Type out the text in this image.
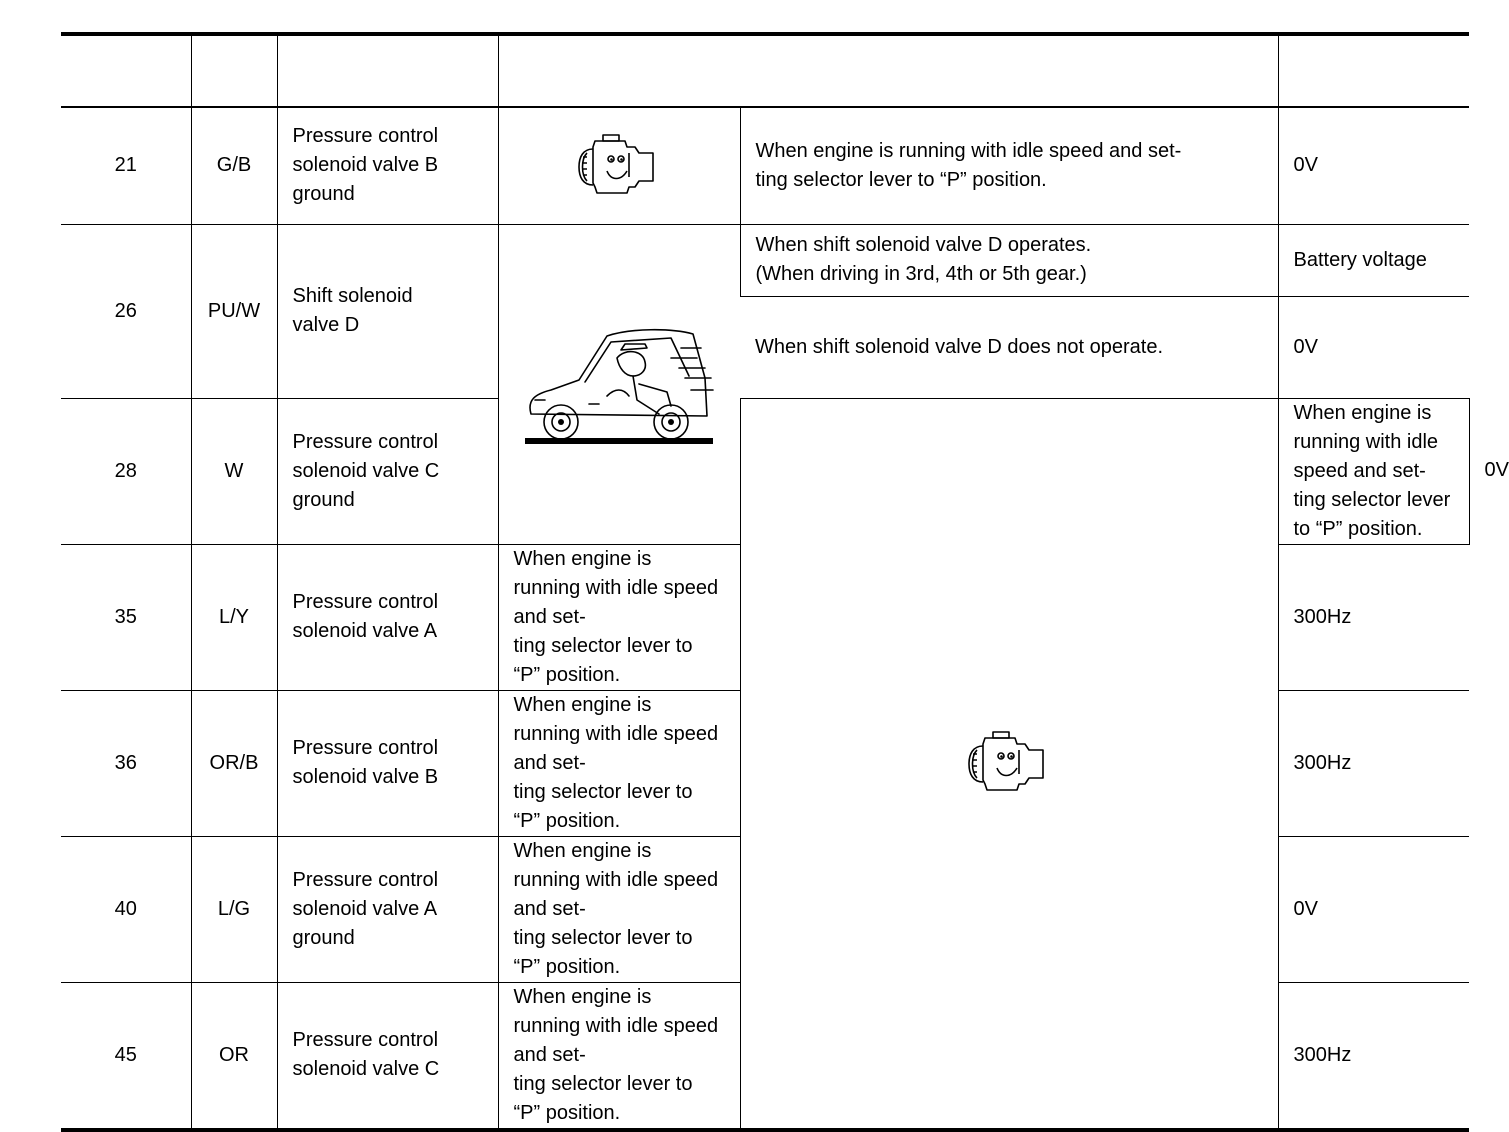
21	G/B	Pressure control
solenoid valve B
ground		When engine is running with idle speed and set-
ting selector lever to “P” position.	0V	
26	PU/W	Shift solenoid
valve D		When shift solenoid valve D operates.
(When driving in 3rd, 4th or 5th gear.)	Battery voltage	
				When shift solenoid valve D does not operate.	0V	
28	W	Pressure control
solenoid valve C
ground			When engine is running with idle speed and set-
ting selector lever to “P” position.	0V
35	L/Y	Pressure control
solenoid valve A	When engine is running with idle speed and set-
ting selector lever to “P” position.		300Hz	
36	OR/B	Pressure control
solenoid valve B	When engine is running with idle speed and set-
ting selector lever to “P” position.		300Hz	
40	L/G	Pressure control
solenoid valve A
ground	When engine is running with idle speed and set-
ting selector lever to “P” position.		0V	
45	OR	Pressure control
solenoid valve C	When engine is running with idle speed and set-
ting selector lever to “P” position.		300Hz	
